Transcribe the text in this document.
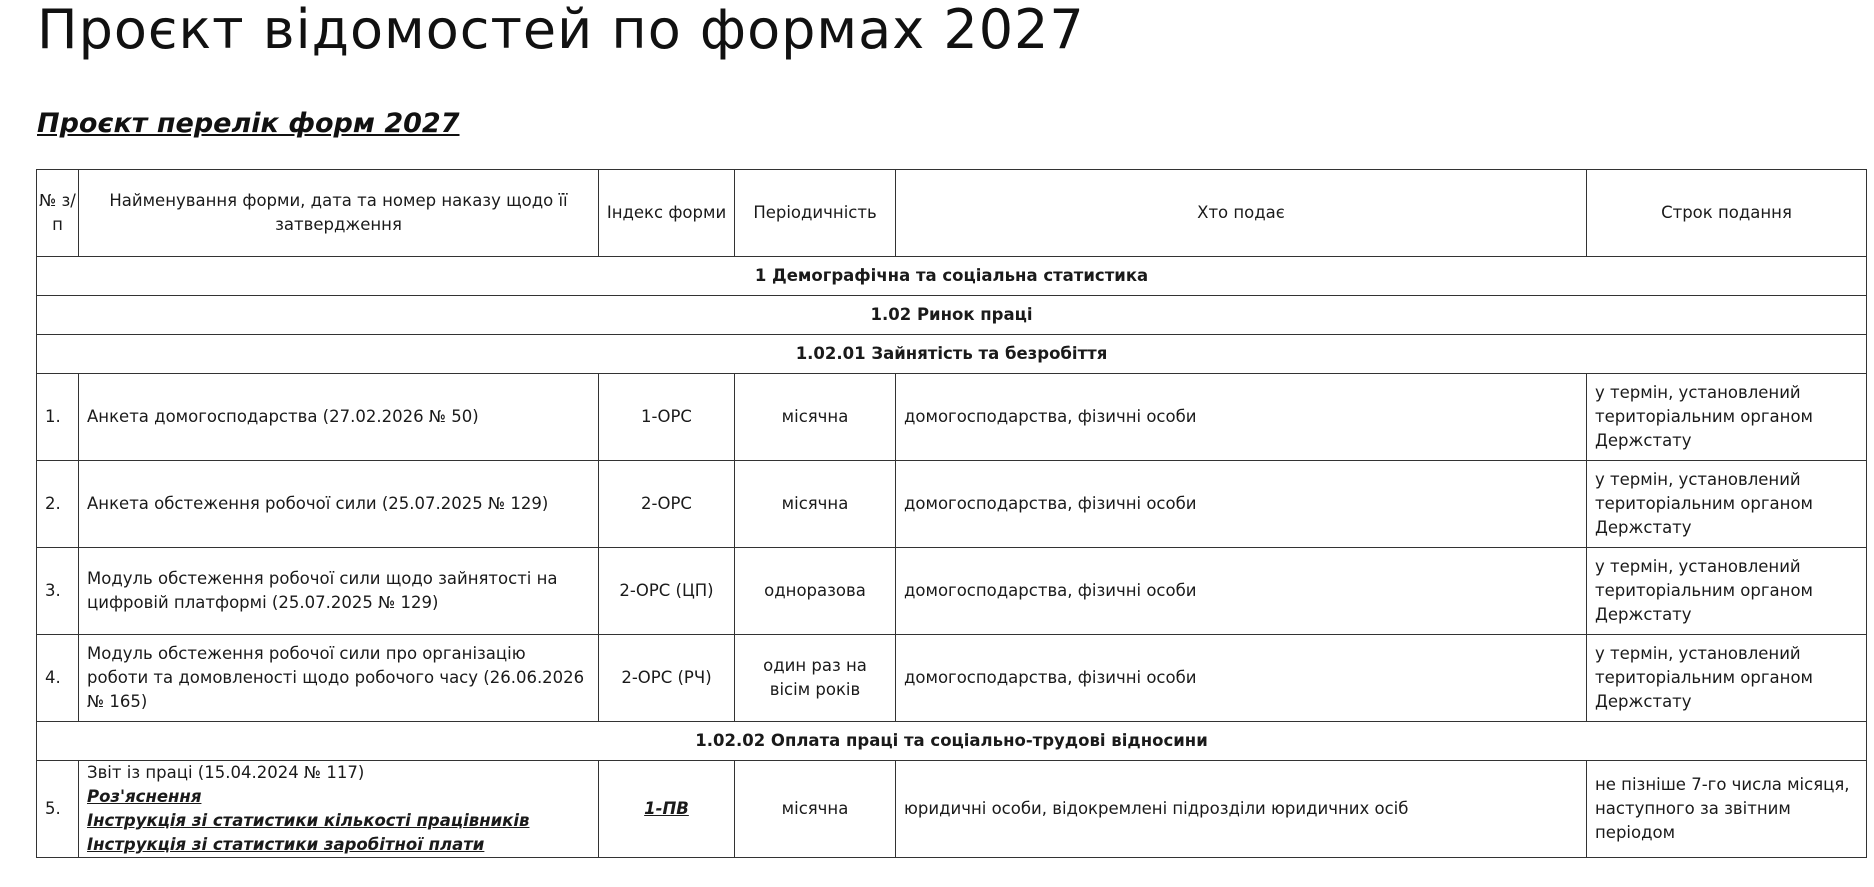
Проєкт відомостей по формах 2027
Проєкт перелік форм 2027
№ з/ п	Найменування форми, дата та номер наказу щодо її затвердження	Індекс форми	Періодичність	Хто подає	Строк подання
1 Демографічна та соціальна статистика					
1.02 Ринок праці					
1.02.01 Зайнятість та безробіття					
1.	Анкета домогосподарства (27.02.2026 № 50)	1-ОРС	місячна	домогосподарства, фізичні особи	у термін, установлений територіальним органом Держстату
2.	Анкета обстеження робочої сили (25.07.2025 № 129)	2-ОРС	місячна	домогосподарства, фізичні особи	у термін, установлений територіальним органом Держстату
3.	Модуль обстеження робочої сили щодо зайнятості на цифровій платформі (25.07.2025 № 129)	2-ОРС (ЦП)	одноразова	домогосподарства, фізичні особи	у термін, установлений територіальним органом Держстату
4.	Модуль обстеження робочої сили про організацію роботи та домовленості щодо робочого часу (26.06.2026 № 165)	2-ОРС (РЧ)	один раз на вісім років	домогосподарства, фізичні особи	у термін, установлений територіальним органом Держстату
1.02.02 Оплата праці та соціально-трудові відносини					
5.	Звіт із праці (15.04.2024 № 117)
Роз'яснення
Інструкція зі статистики кількості працівників
Інструкція зі статистики заробітної плати	1-ПВ	місячна	юридичні особи, відокремлені підрозділи юридичних осіб	не пізніше 7-го числа місяця, наступного за звітним періодом
